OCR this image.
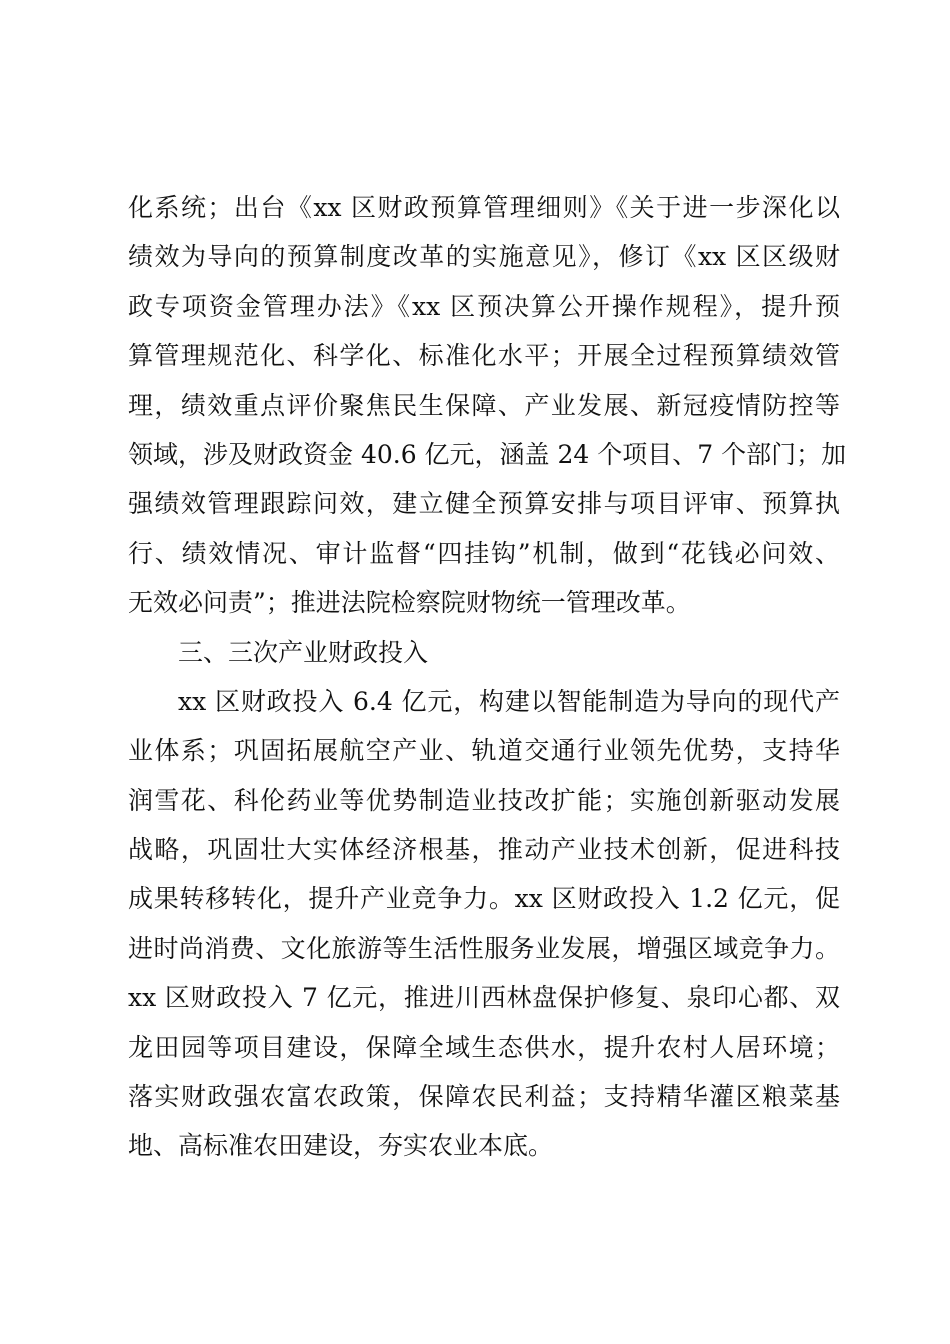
化系统；出台《xx 区财政预算管理细则》《关于进一步深化以
绩效为导向的预算制度改革的实施意见》，修订《xx 区区级财
政专项资金管理办法》《xx 区预决算公开操作规程》，提升预
算管理规范化、科学化、标准化水平；开展全过程预算绩效管
理，绩效重点评价聚焦民生保障、产业发展、新冠疫情防控等
领域，涉及财政资金 40.6 亿元，涵盖 24 个项目、7 个部门；加
强绩效管理跟踪问效，建立健全预算安排与项目评审、预算执
行、绩效情况、审计监督“四挂钩”机制，做到“花钱必问效、
无效必问责”；推进法院检察院财物统一管理改革。
三、三次产业财政投入
xx 区财政投入 6.4 亿元，构建以智能制造为导向的现代产
业体系；巩固拓展航空产业、轨道交通行业领先优势，支持华
润雪花、科伦药业等优势制造业技改扩能；实施创新驱动发展
战略，巩固壮大实体经济根基，推动产业技术创新，促进科技
成果转移转化，提升产业竞争力。xx 区财政投入 1.2 亿元，促
进时尚消费、文化旅游等生活性服务业发展，增强区域竞争力。
xx 区财政投入 7 亿元，推进川西林盘保护修复、泉印心都、双
龙田园等项目建设，保障全域生态供水，提升农村人居环境；
落实财政强农富农政策，保障农民利益；支持精华灌区粮菜基
地、高标准农田建设，夯实农业本底。
